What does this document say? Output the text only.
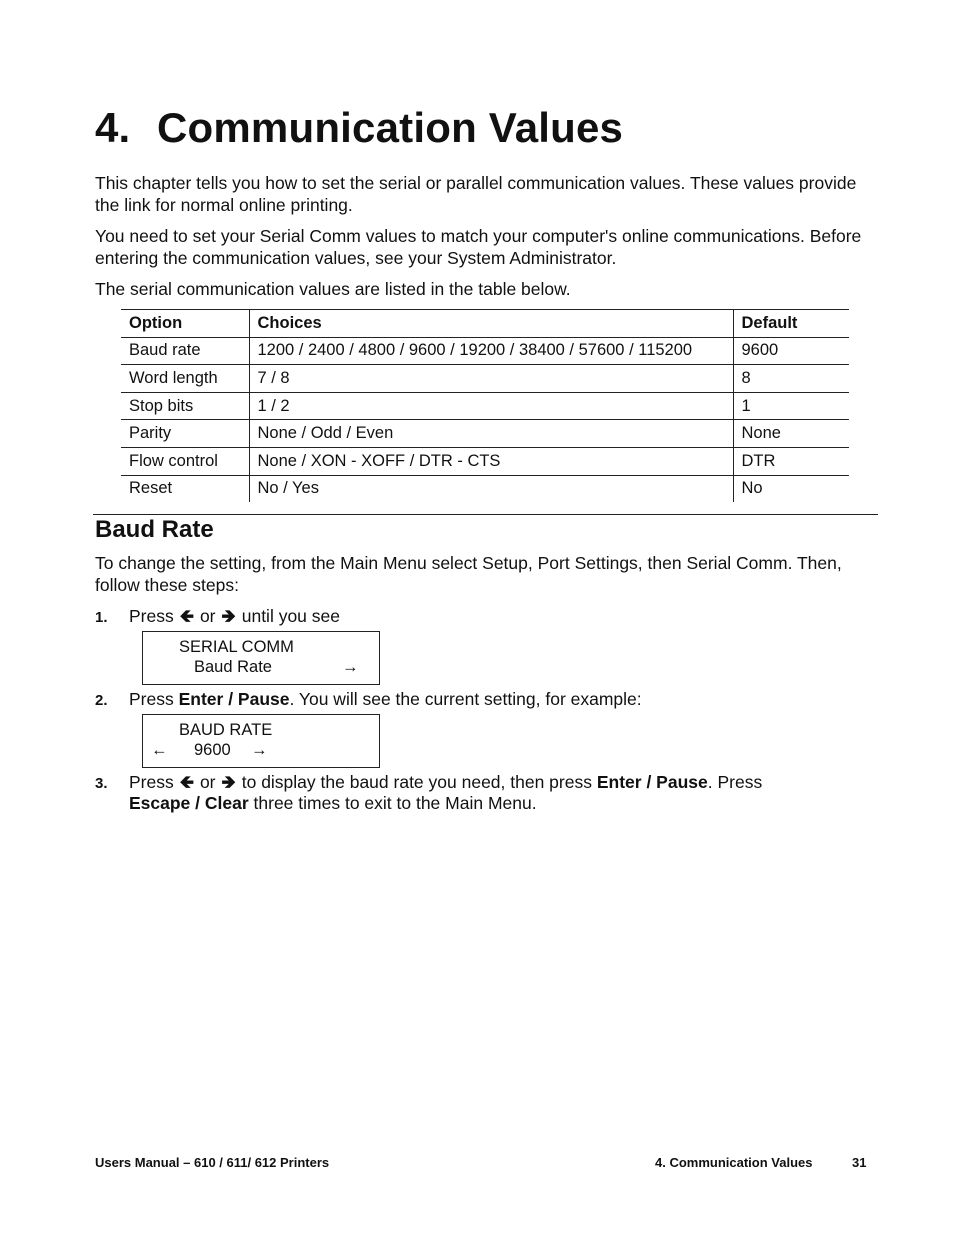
4. Communication Values

This chapter tells you how to set the serial or parallel communication values. These values provide the link for normal online printing.

You need to set your Serial Comm values to match your computer's online communications. Before entering the communication values, see your System Administrator.

The serial communication values are listed in the table below.

Option	Choices	Default
Baud rate	1200 / 2400 / 4800 / 9600 / 19200 / 38400 / 57600 / 115200	9600
Word length	7 / 8	8
Stop bits	1 / 2	1
Parity	None / Odd / Even	None
Flow control	None / XON - XOFF / DTR - CTS	DTR
Reset	No / Yes	No
Baud Rate

To change the setting, from the Main Menu select Setup, Port Settings, then Serial Comm. Then, follow these steps:

1. Press 🡸 or 🡺 until you see

SERIAL COMM
Baud Rate	→
2. Press Enter / Pause. You will see the current setting, for example:

BAUD RATE
← 9600 →
3. Press 🡸 or 🡺 to display the baud rate you need, then press Enter / Pause. Press
Escape / Clear three times to exit to the Main Menu.

Users Manual – 610 / 611/ 612 Printers	4. Communication Values	31
